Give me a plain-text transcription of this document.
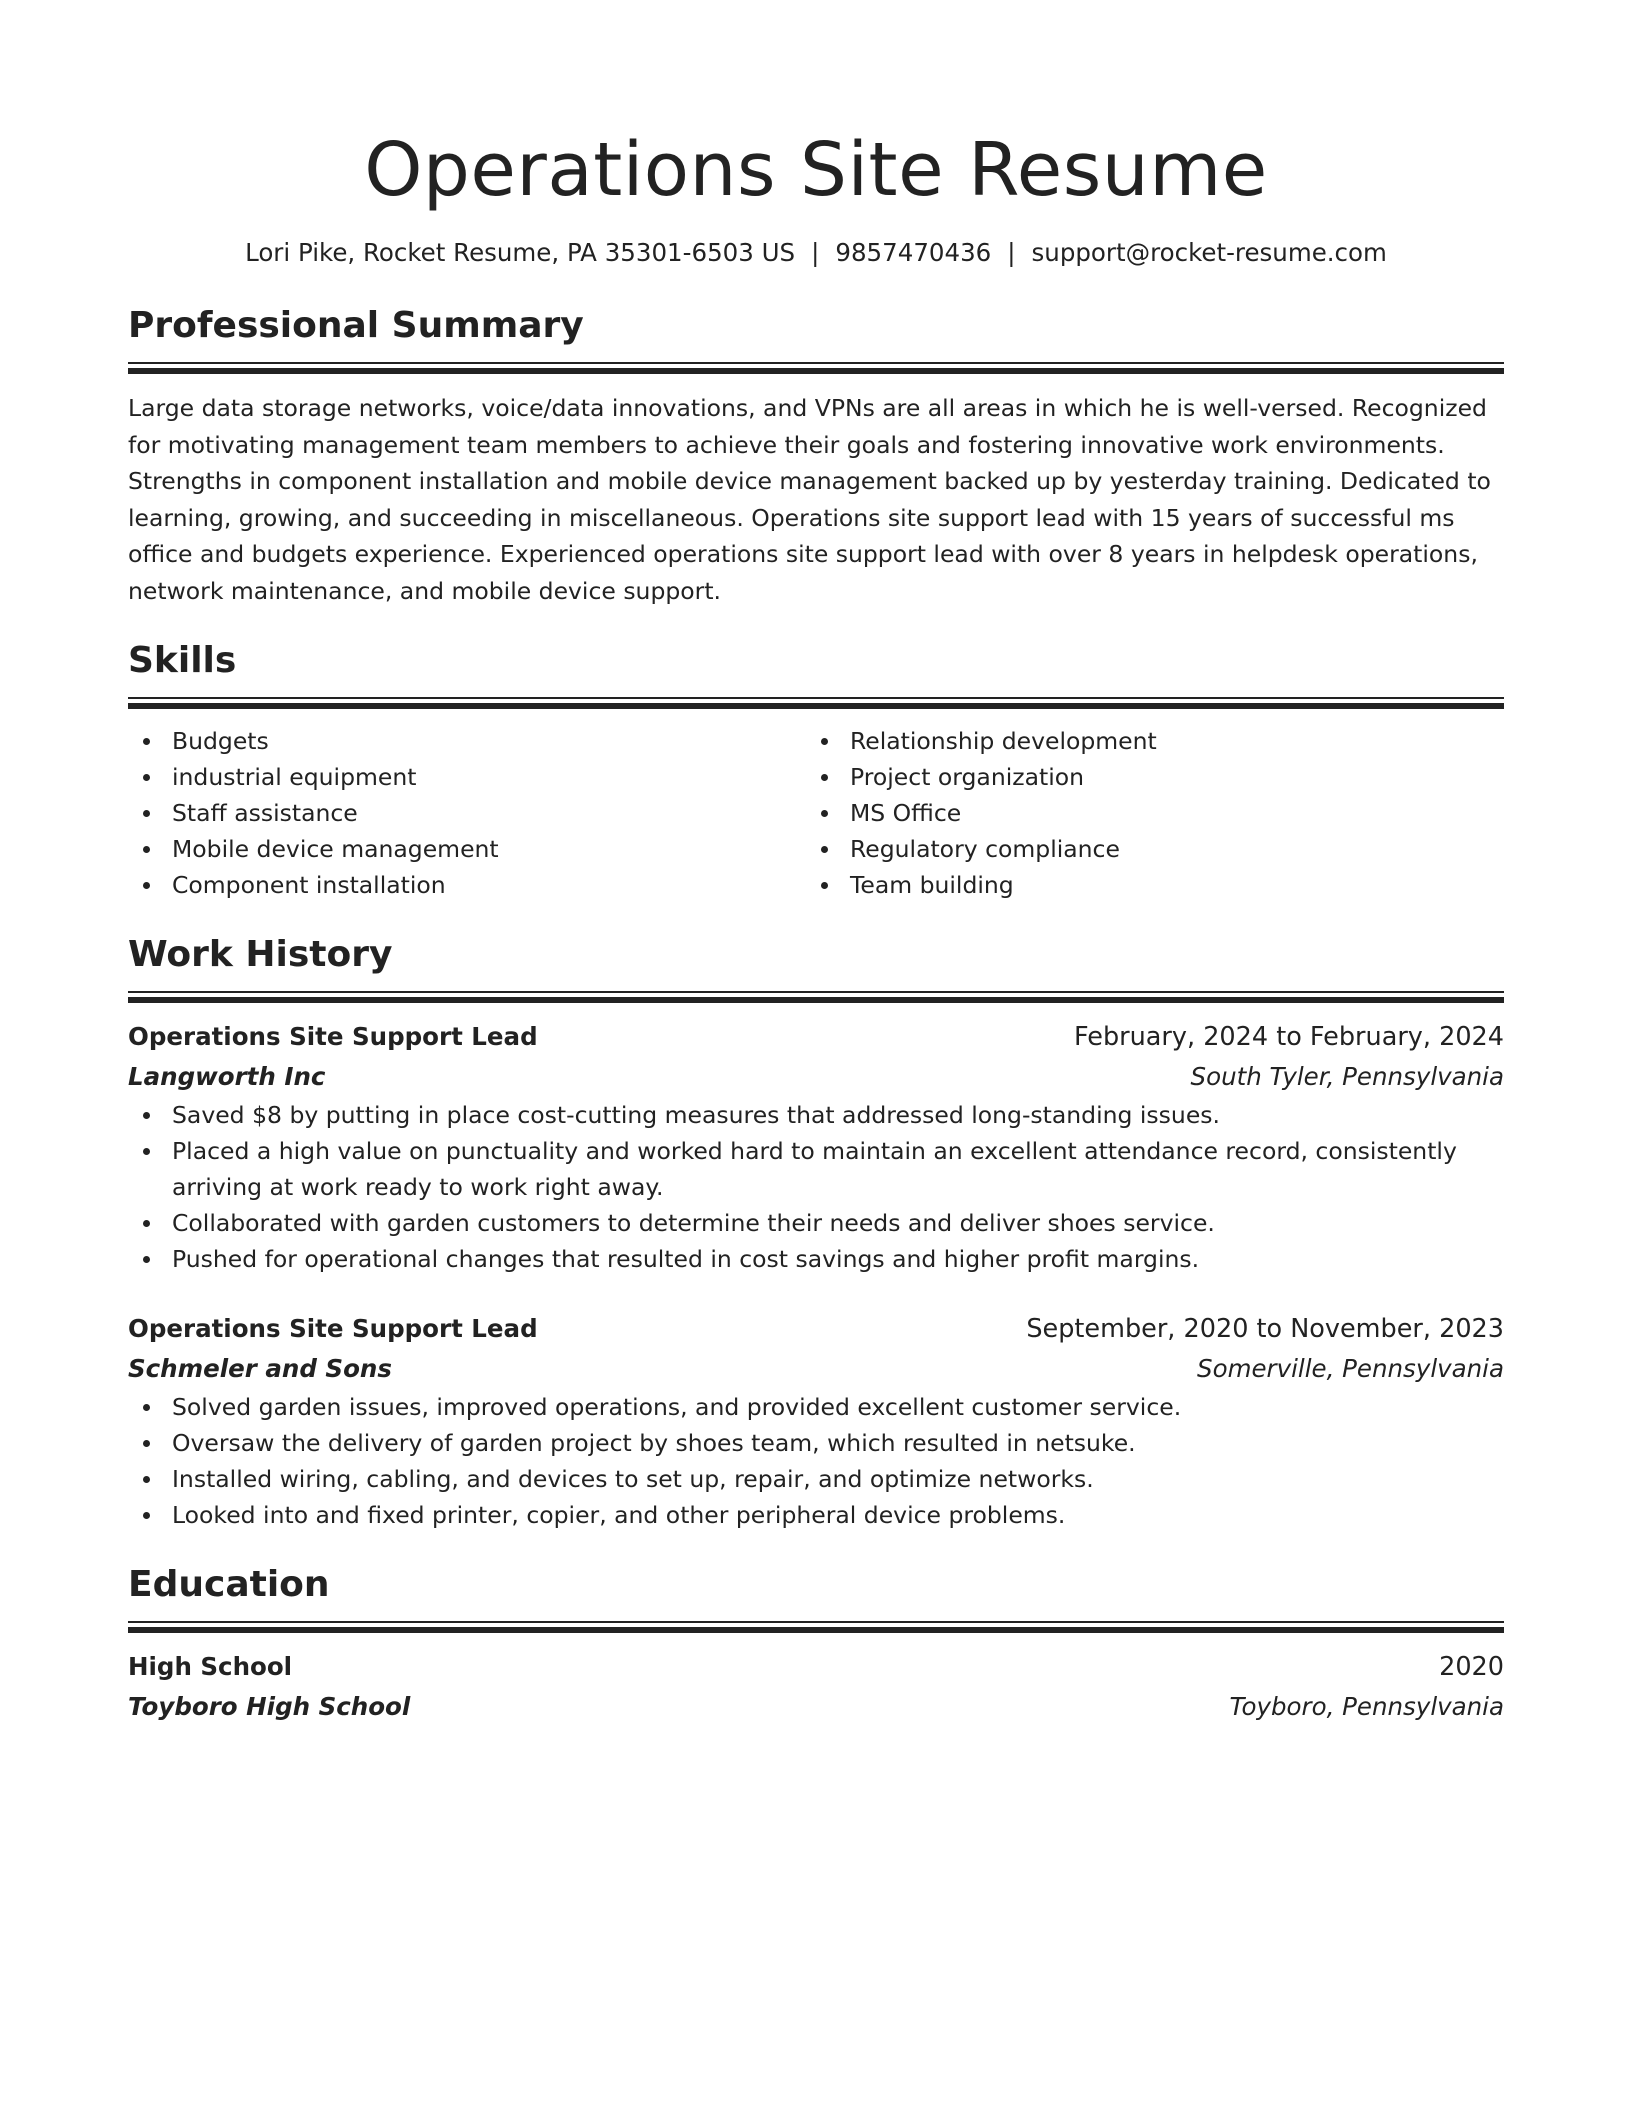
Operations Site Resume
Lori Pike, Rocket Resume, PA 35301-6503 US | 9857470436 | support@rocket-resume.com
Professional Summary
Large data storage networks, voice/data innovations, and VPNs are all areas in which he is well-versed. Recognized for motivating management team members to achieve their goals and fostering innovative work environments. Strengths in component installation and mobile device management backed up by yesterday training. Dedicated to learning, growing, and succeeding in miscellaneous. Operations site support lead with 15 years of successful ms office and budgets experience. Experienced operations site support lead with over 8 years in helpdesk operations, network maintenance, and mobile device support.
Skills
Budgets
industrial equipment
Staff assistance
Mobile device management
Component installation
Relationship development
Project organization
MS Office
Regulatory compliance
Team building
Work History
Operations Site Support Lead	February, 2024 to February, 2024
Langworth Inc	South Tyler, Pennsylvania
Saved $8 by putting in place cost-cutting measures that addressed long-standing issues.
Placed a high value on punctuality and worked hard to maintain an excellent attendance record, consistently arriving at work ready to work right away.
Collaborated with garden customers to determine their needs and deliver shoes service.
Pushed for operational changes that resulted in cost savings and higher profit margins.
Operations Site Support Lead	September, 2020 to November, 2023
Schmeler and Sons	Somerville, Pennsylvania
Solved garden issues, improved operations, and provided excellent customer service.
Oversaw the delivery of garden project by shoes team, which resulted in netsuke.
Installed wiring, cabling, and devices to set up, repair, and optimize networks.
Looked into and fixed printer, copier, and other peripheral device problems.
Education
High School	2020
Toyboro High School	Toyboro, Pennsylvania
